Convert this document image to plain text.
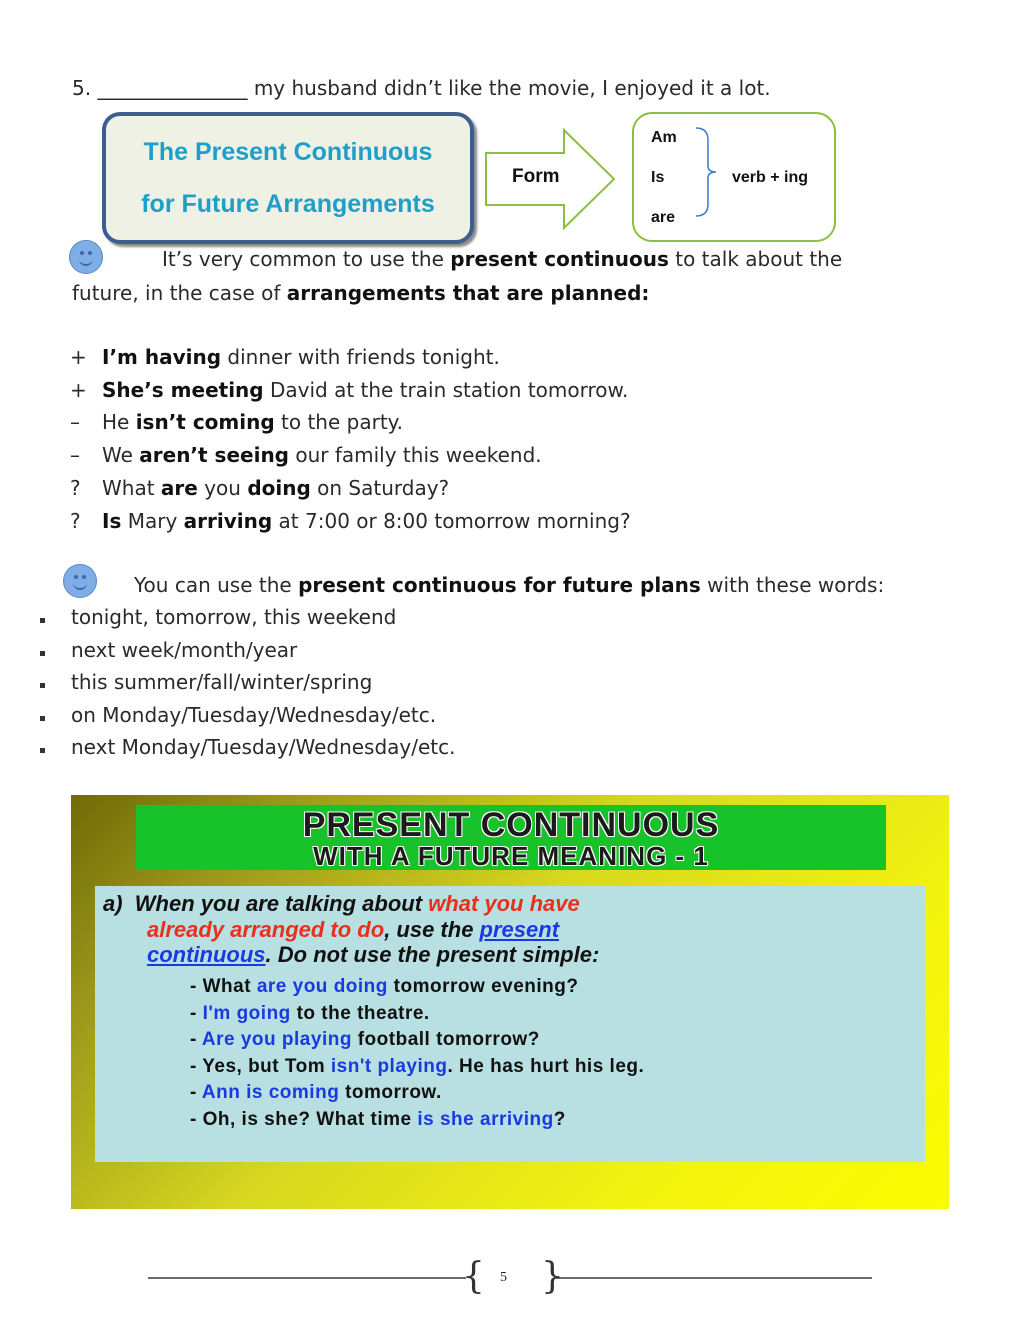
5. _______________ my husband didn’t like the movie, I enjoyed it a lot.
The Present Continuous
for Future Arrangements
Form
Am
Is
are
verb + ing
It’s very common to use the present continuous to talk about the
future, in the case of arrangements that are planned:
+ I’m having dinner with friends tonight.
+ She’s meeting David at the train station tomorrow.
– He isn’t coming to the party.
– We aren’t seeing our family this weekend.
? What are you doing on Saturday?
? Is Mary arriving at 7:00 or 8:00 tomorrow morning?
You can use the present continuous for future plans with these words:
tonight, tomorrow, this weekend
next week/month/year
this summer/fall/winter/spring
on Monday/Tuesday/Wednesday/etc.
next Monday/Tuesday/Wednesday/etc.
PRESENT CONTINUOUS
WITH A FUTURE MEANING - 1
a) When you are talking about what you have
already arranged to do, use the present
continuous. Do not use the present simple:
- What are you doing tomorrow evening?
- I'm going to the theatre.
- Are you playing football tomorrow?
- Yes, but Tom isn't playing. He has hurt his leg.
- Ann is coming tomorrow.
- Oh, is she? What time is she arriving?
{ }
5
